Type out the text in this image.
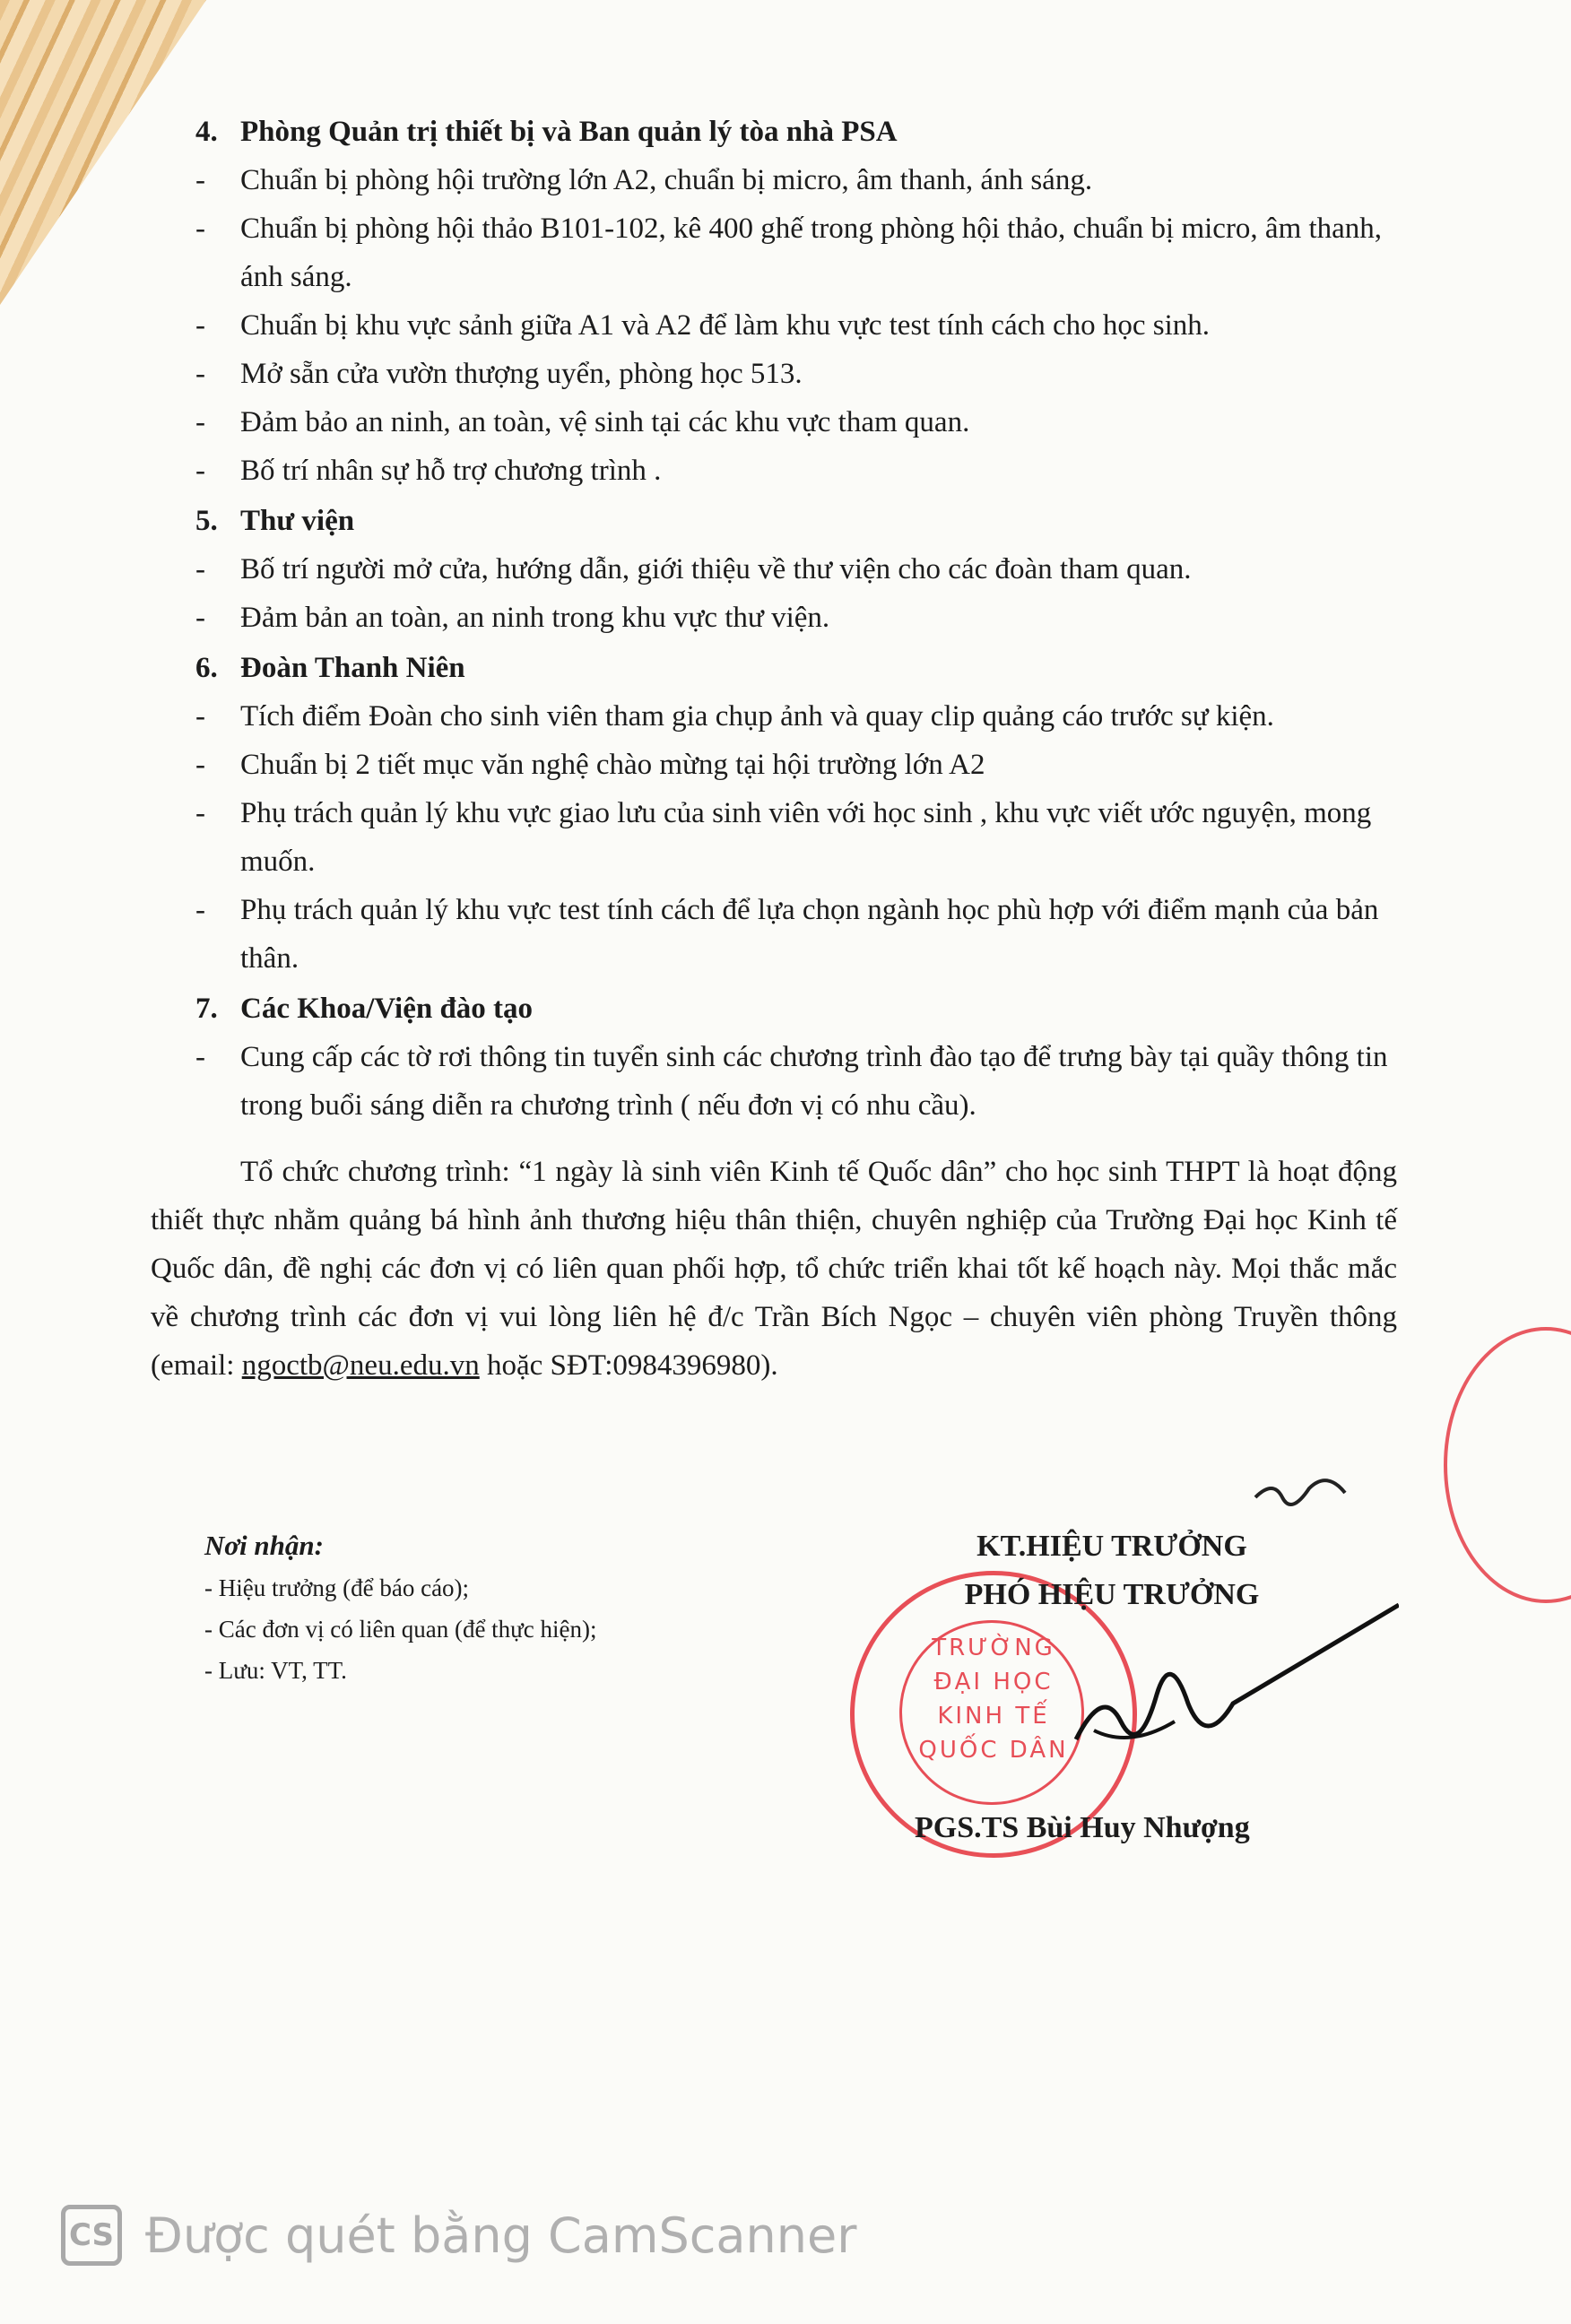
4. Phòng Quản trị thiết bị và Ban quản lý tòa nhà PSA
- Chuẩn bị phòng hội trường lớn A2, chuẩn bị micro, âm thanh, ánh sáng.
- Chuẩn bị phòng hội thảo B101-102, kê 400 ghế trong phòng hội thảo, chuẩn bị micro, âm thanh, ánh sáng.
- Chuẩn bị khu vực sảnh giữa A1 và A2 để làm khu vực test tính cách cho học sinh.
- Mở sẵn cửa vườn thượng uyển, phòng học 513.
- Đảm bảo an ninh, an toàn, vệ sinh tại các khu vực tham quan.
- Bố trí nhân sự hỗ trợ chương trình .
5. Thư viện
- Bố trí người mở cửa, hướng dẫn, giới thiệu về thư viện cho các đoàn tham quan.
- Đảm bản an toàn, an ninh trong khu vực thư viện.
6. Đoàn Thanh Niên
- Tích điểm Đoàn cho sinh viên tham gia chụp ảnh và quay clip quảng cáo trước sự kiện.
- Chuẩn bị 2 tiết mục văn nghệ chào mừng tại hội trường lớn A2
- Phụ trách quản lý khu vực giao lưu của sinh viên với học sinh , khu vực viết ước nguyện, mong muốn.
- Phụ trách quản lý khu vực test tính cách để lựa chọn ngành học phù hợp với điểm mạnh của bản thân.
7. Các Khoa/Viện đào tạo
- Cung cấp các tờ rơi thông tin tuyển sinh các chương trình đào tạo để trưng bày tại quầy thông tin trong buổi sáng diễn ra chương trình ( nếu đơn vị có nhu cầu).
Tổ chức chương trình: “1 ngày là sinh viên Kinh tế Quốc dân” cho học sinh THPT là hoạt động thiết thực nhằm quảng bá hình ảnh thương hiệu thân thiện, chuyên nghiệp của Trường Đại học Kinh tế Quốc dân, đề nghị các đơn vị có liên quan phối hợp, tổ chức triển khai tốt kế hoạch này. Mọi thắc mắc về chương trình các đơn vị vui lòng liên hệ đ/c Trần Bích Ngọc – chuyên viên phòng Truyền thông (email: ngoctb@neu.edu.vn hoặc SĐT:0984396980).
Nơi nhận:
- Hiệu trưởng (để báo cáo);
- Các đơn vị có liên quan (để thực hiện);
- Lưu: VT, TT.
TRƯỜNG
ĐẠI HỌC
KINH TẾ
QUỐC DÂN
KT.HIỆU TRƯỞNG
PHÓ HIỆU TRƯỞNG
PGS.TS Bùi Huy Nhượng
CS Được quét bằng CamScanner
